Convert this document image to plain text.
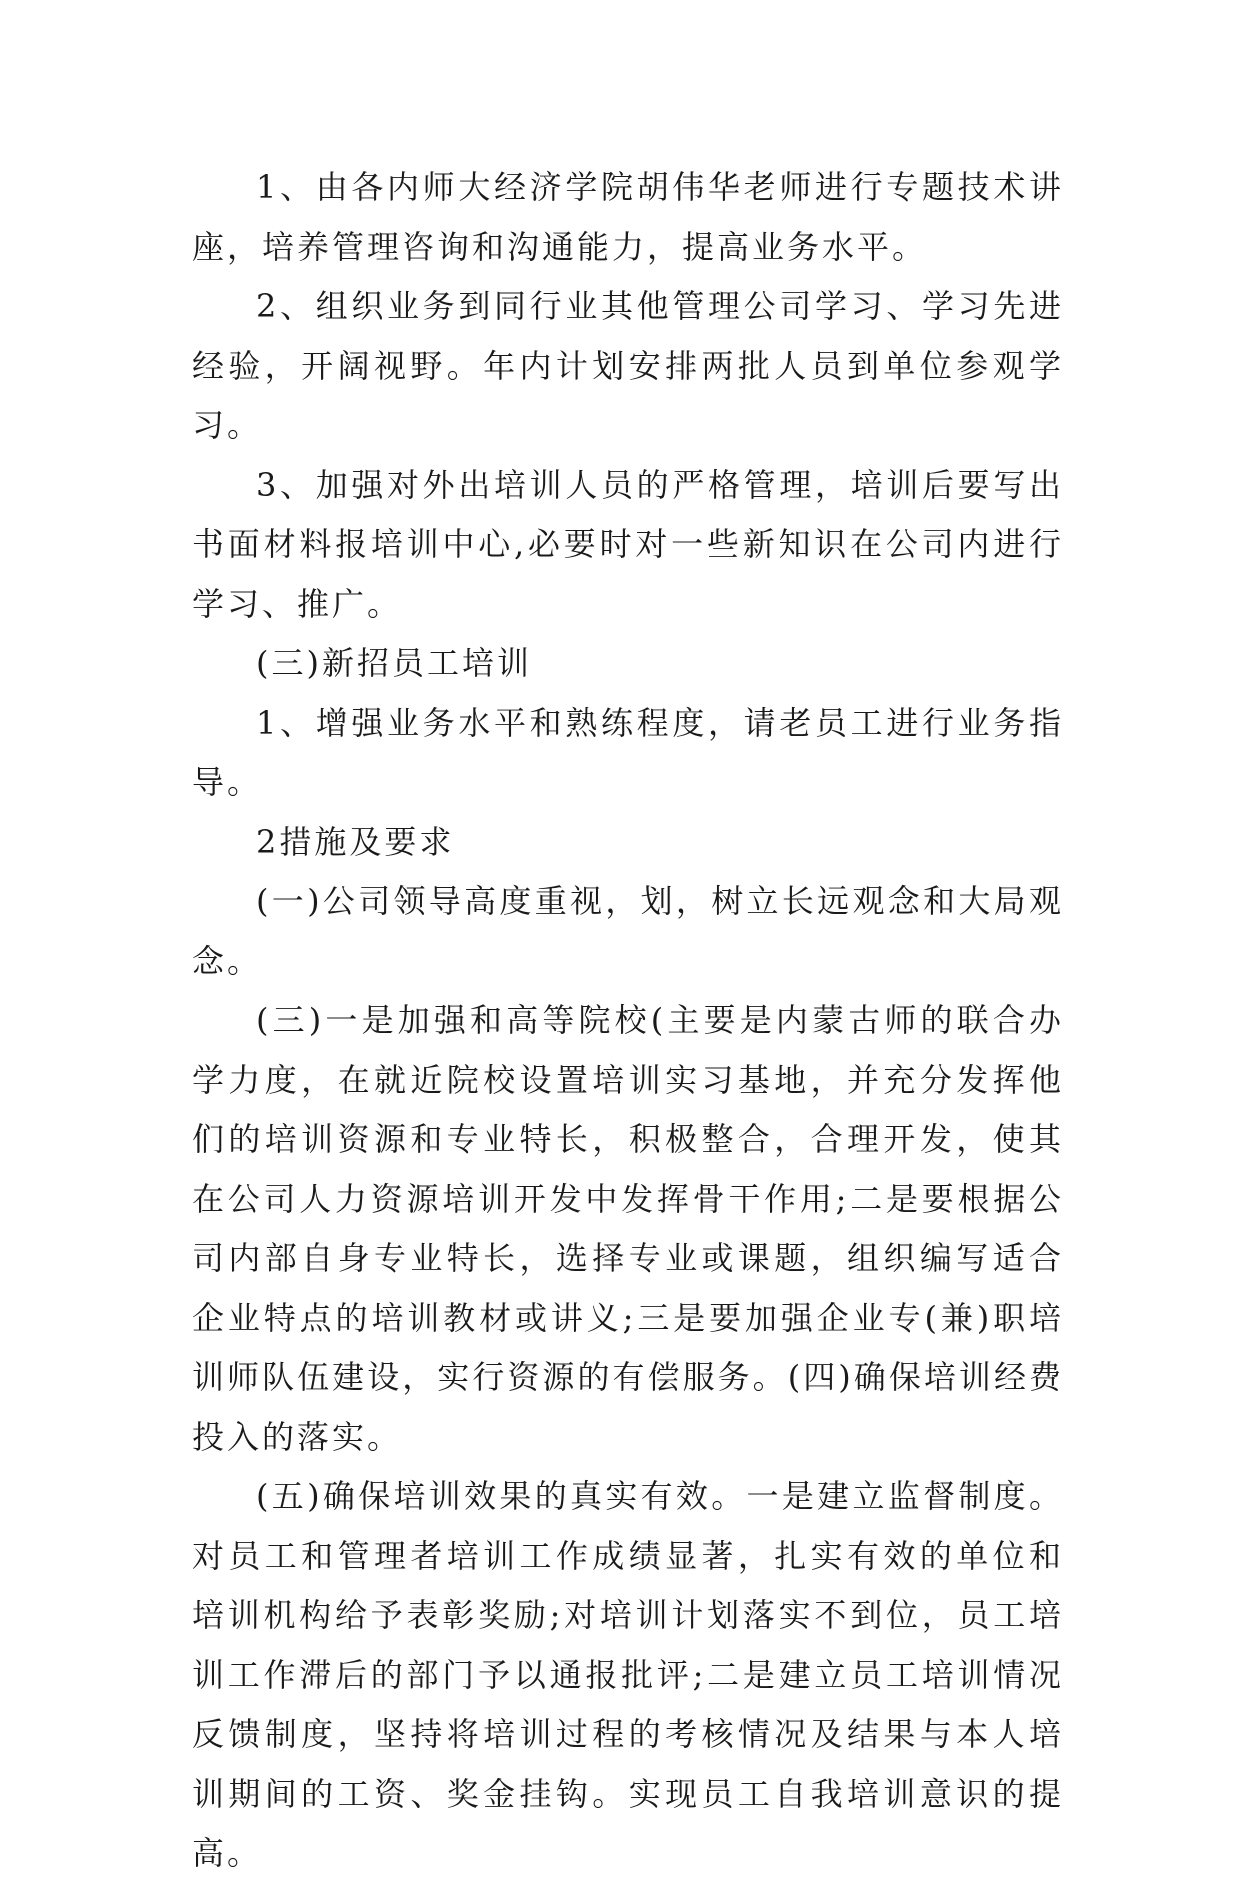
1、由各内师大经济学院胡伟华老师进行专题技术讲座，培养管理咨询和沟通能力，提高业务水平。

2、组织业务到同行业其他管理公司学习、学习先进经验，开阔视野。年内计划安排两批人员到单位参观学习。

3、加强对外出培训人员的严格管理，培训后要写出书面材料报培训中心,必要时对一些新知识在公司内进行学习、推广。

(三)新招员工培训

1、增强业务水平和熟练程度，请老员工进行业务指导。

2措施及要求

(一)公司领导高度重视，划，树立长远观念和大局观念。

(三)一是加强和高等院校(主要是内蒙古师的联合办学力度，在就近院校设置培训实习基地，并充分发挥他们的培训资源和专业特长，积极整合，合理开发，使其在公司人力资源培训开发中发挥骨干作用;二是要根据公司内部自身专业特长，选择专业或课题，组织编写适合企业特点的培训教材或讲义;三是要加强企业专(兼)职培训师队伍建设，实行资源的有偿服务。(四)确保培训经费投入的落实。

(五)确保培训效果的真实有效。一是建立监督制度。对员工和管理者培训工作成绩显著，扎实有效的单位和培训机构给予表彰奖励;对培训计划落实不到位，员工培训工作滞后的部门予以通报批评;二是建立员工培训情况反馈制度，坚持将培训过程的考核情况及结果与本人培训期间的工资、奖金挂钩。实现员工自我培训意识的提高。
